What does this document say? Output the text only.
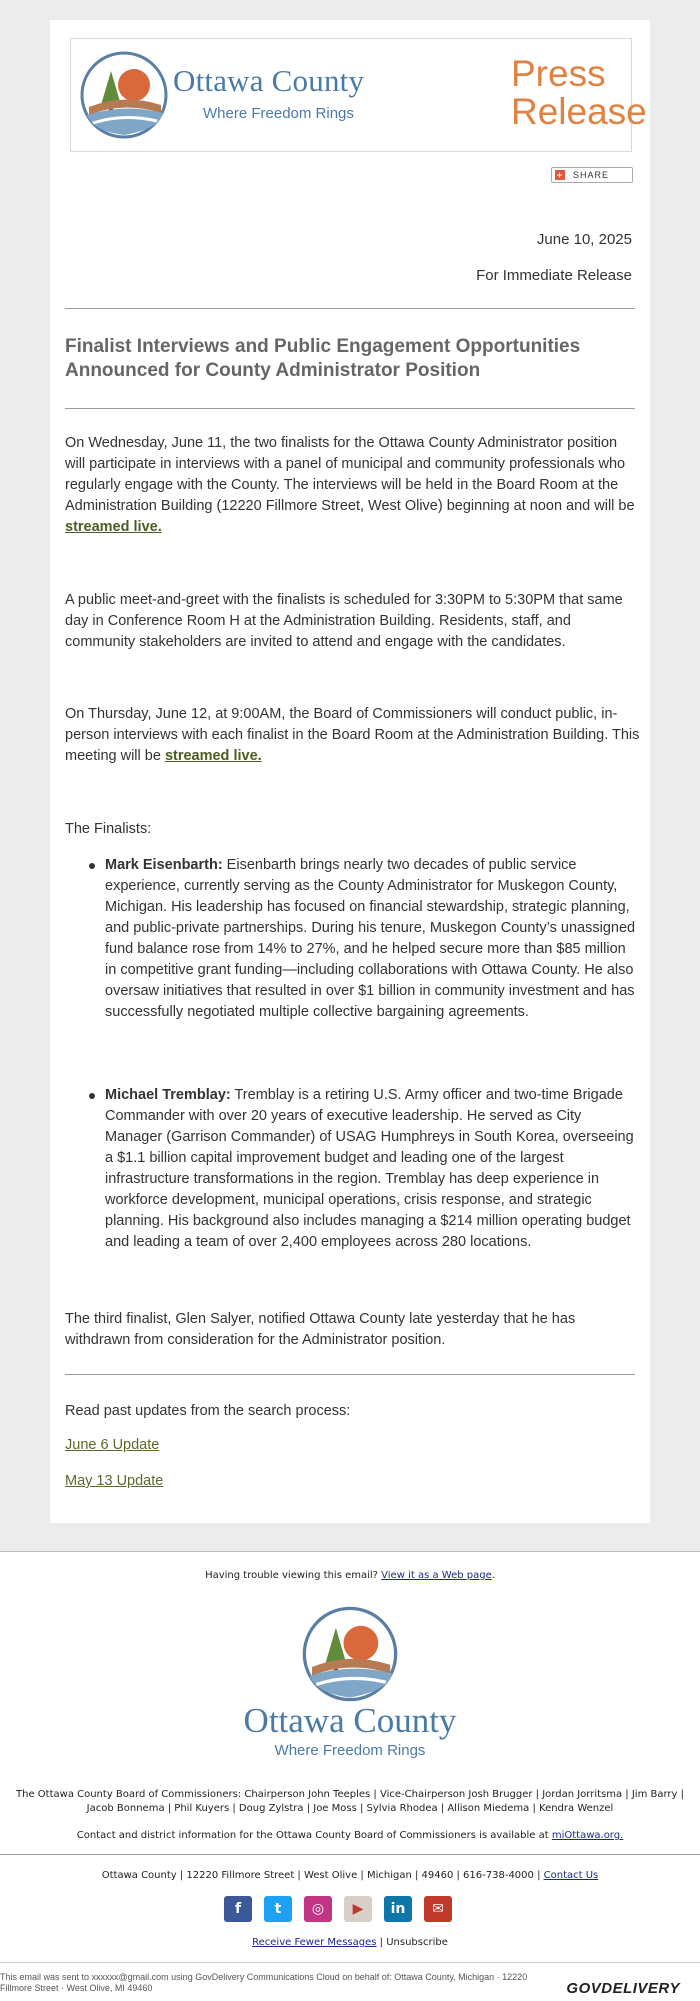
Ottawa County
Where Freedom Rings
Press Release
+ SHARE
June 10, 2025
For Immediate Release
Finalist Interviews and Public Engagement Opportunities Announced for County Administrator Position

On Wednesday, June 11, the two finalists for the Ottawa County Administrator position will participate in interviews with a panel of municipal and community professionals who regularly engage with the County. The interviews will be held in the Board Room at the Administration Building (12220 Fillmore Street, West Olive) beginning at noon and will be streamed live.

A public meet-and-greet with the finalists is scheduled for 3:30PM to 5:30PM that same day in Conference Room H at the Administration Building. Residents, staff, and community stakeholders are invited to attend and engage with the candidates.

On Thursday, June 12, at 9:00AM, the Board of Commissioners will conduct public, in-person interviews with each finalist in the Board Room at the Administration Building. This meeting will be streamed live.

The Finalists:

Mark Eisenbarth: Eisenbarth brings nearly two decades of public service experience, currently serving as the County Administrator for Muskegon County, Michigan. His leadership has focused on financial stewardship, strategic planning, and public-private partnerships. During his tenure, Muskegon County’s unassigned fund balance rose from 14% to 27%, and he helped secure more than $85 million in competitive grant funding—including collaborations with Ottawa County. He also oversaw initiatives that resulted in over $1 billion in community investment and has successfully negotiated multiple collective bargaining agreements.
Michael Tremblay: Tremblay is a retiring U.S. Army officer and two-time Brigade Commander with over 20 years of executive leadership. He served as City Manager (Garrison Commander) of USAG Humphreys in South Korea, overseeing a $1.1 billion capital improvement budget and leading one of the largest infrastructure transformations in the region. Tremblay has deep experience in workforce development, municipal operations, crisis response, and strategic planning. His background also includes managing a $214 million operating budget and leading a team of over 2,400 employees across 280 locations.

The third finalist, Glen Salyer, notified Ottawa County late yesterday that he has withdrawn from consideration for the Administrator position.

Read past updates from the search process:

June 6 Update
May 13 Update
Having trouble viewing this email? View it as a Web page.
Ottawa County
Where Freedom Rings
The Ottawa County Board of Commissioners: Chairperson John Teeples | Vice-Chairperson Josh Brugger | Jordan Jorritsma | Jim Barry | Jacob Bonnema | Phil Kuyers | Doug Zylstra | Joe Moss | Sylvia Rhodea | Allison Miedema | Kendra Wenzel
Contact and district information for the Ottawa County Board of Commissioners is available at miOttawa.org.
Ottawa County | 12220 Fillmore Street | West Olive | Michigan | 49460 | 616-738-4000 | Contact Us
f t ◎ ▶ in ✉
Receive Fewer Messages | Unsubscribe
This email was sent to xxxxxx@gmail.com using GovDelivery Communications Cloud on behalf of: Ottawa County, Michigan · 12220 Fillmore Street · West Olive, MI 49460	GOVDELIVERY
